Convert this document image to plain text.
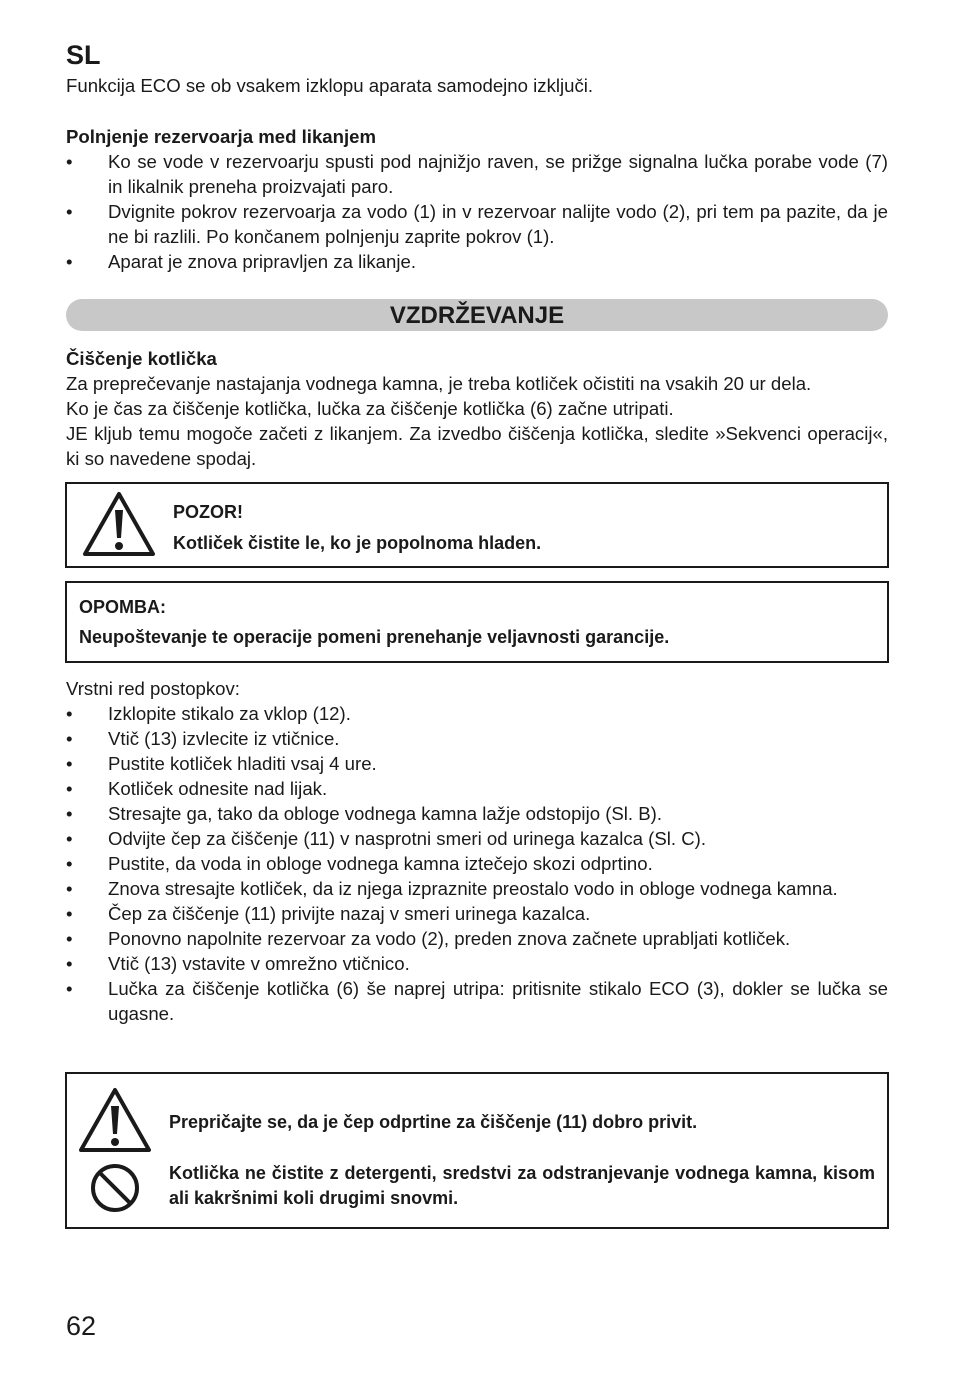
SL
Funkcija ECO se ob vsakem izklopu aparata samodejno izključi.
Polnjenje rezervoarja med likanjem
• Ko se vode v rezervoarju spusti pod najnižjo raven, se prižge signalna lučka porabe vode (7) in likalnik preneha proizvajati paro.
• Dvignite pokrov rezervoarja za vodo (1) in v rezervoar nalijte vodo (2), pri tem pa pazite, da je ne bi razlili. Po končanem polnjenju zaprite pokrov (1).
• Aparat je znova pripravljen za likanje.
VZDRŽEVANJE
Čiščenje kotlička
Za preprečevanje nastajanja vodnega kamna, je treba kotliček očistiti na vsakih 20 ur dela.
Ko je čas za čiščenje kotlička, lučka za čiščenje kotlička (6) začne utripati.
JE kljub temu mogoče začeti z likanjem. Za izvedbo čiščenja kotlička, sledite »Sekvenci operacij«, ki so navedene spodaj.
POZOR!
Kotliček čistite le, ko je popolnoma hladen.
OPOMBA:
Neupoštevanje te operacije pomeni prenehanje veljavnosti garancije.
Vrstni red postopkov:
• Izklopite stikalo za vklop (12).
• Vtič (13) izvlecite iz vtičnice.
• Pustite kotliček hladiti vsaj 4 ure.
• Kotliček odnesite nad lijak.
• Stresajte ga, tako da obloge vodnega kamna lažje odstopijo (Sl. B).
• Odvijte čep za čiščenje (11) v nasprotni smeri od urinega kazalca (Sl. C).
• Pustite, da voda in obloge vodnega kamna iztečejo skozi odprtino.
• Znova stresajte kotliček, da iz njega izpraznite preostalo vodo in obloge vodnega kamna.
• Čep za čiščenje (11) privijte nazaj v smeri urinega kazalca.
• Ponovno napolnite rezervoar za vodo (2), preden znova začnete uprabljati kotliček.
• Vtič (13) vstavite v omrežno vtičnico.
• Lučka za čiščenje kotlička (6) še naprej utripa: pritisnite stikalo ECO (3), dokler se lučka se ugasne.
Prepričajte se, da je čep odprtine za čiščenje (11) dobro privit.
Kotlička ne čistite z detergenti, sredstvi za odstranjevanje vodnega kamna, kisom ali kakršnimi koli drugimi snovmi.
62
